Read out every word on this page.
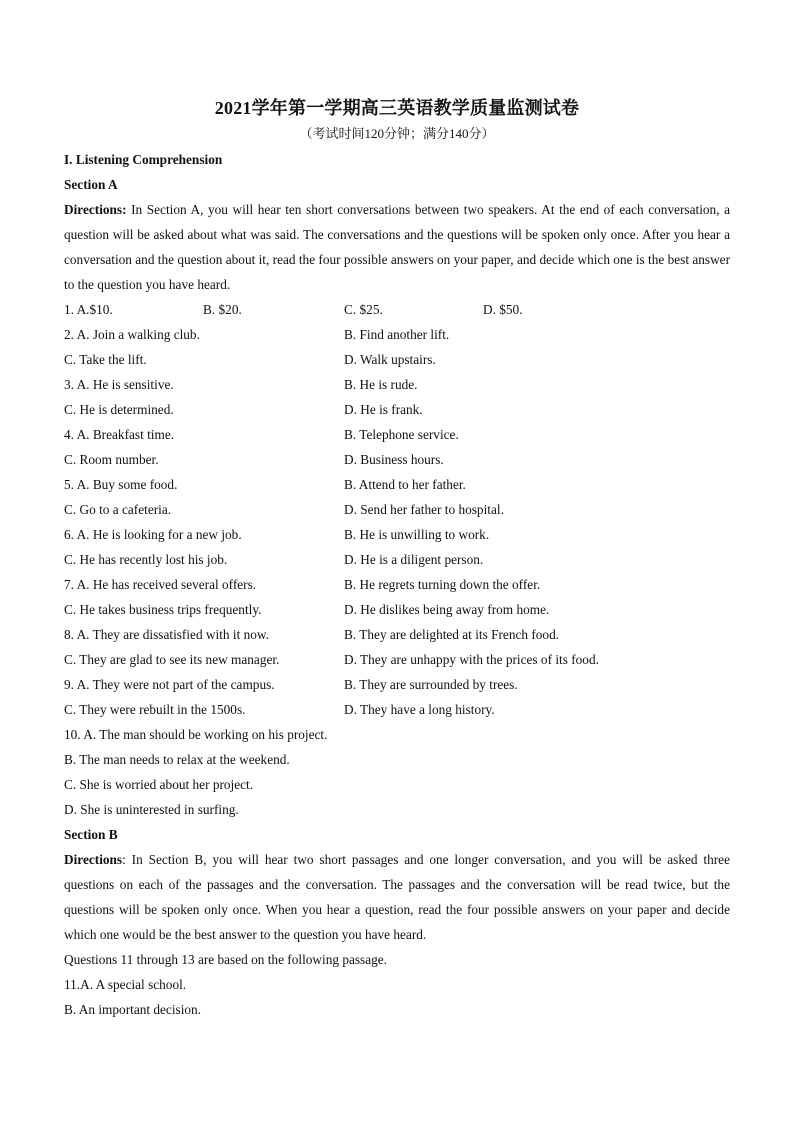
2021学年第一学期高三英语教学质量监测试卷
（考试时间120分钟；满分140分）
I. Listening Comprehension
Section A

Directions: In Section A, you will hear ten short conversations between two speakers. At the end of each conversation, a question will be asked about what was said. The conversations and the questions will be spoken only once. After you hear a conversation and the question about it, read the four possible answers on your paper, and decide which one is the best answer to the question you have heard.

1. A.$10.	B. $20.	C. $25.	D. $50.
2. A. Join a walking club.	B. Find another lift.
C. Take the lift.	D. Walk upstairs.
3. A. He is sensitive.	B. He is rude.
C. He is determined.	D. He is frank.
4. A. Breakfast time.	B. Telephone service.
C. Room number.	D. Business hours.
5. A. Buy some food.	B. Attend to her father.
C. Go to a cafeteria.	D. Send her father to hospital.
6. A. He is looking for a new job.	B. He is unwilling to work.
C. He has recently lost his job.	D. He is a diligent person.
7. A. He has received several offers.	B. He regrets turning down the offer.
C. He takes business trips frequently.	D. He dislikes being away from home.
8. A. They are dissatisfied with it now.	B. They are delighted at its French food.
C. They are glad to see its new manager.	D. They are unhappy with the prices of its food.
9. A. They were not part of the campus.	B. They are surrounded by trees.
C. They were rebuilt in the 1500s.	D. They have a long history.
10. A. The man should be working on his project.
B. The man needs to relax at the weekend.
C. She is worried about her project.
D. She is uninterested in surfing.
Section B

Directions: In Section B, you will hear two short passages and one longer conversation, and you will be asked three questions on each of the passages and the conversation. The passages and the conversation will be read twice, but the questions will be spoken only once. When you hear a question, read the four possible answers on your paper and decide which one would be the best answer to the question you have heard.

Questions 11 through 13 are based on the following passage.
11.A. A special school.
B. An important decision.
